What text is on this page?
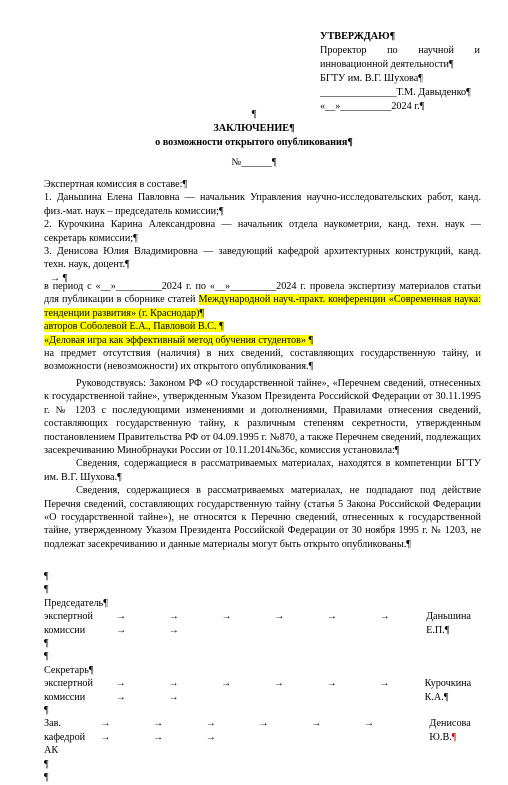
УТВЕРЖДАЮ¶
Проректор по научной и
инновационной деятельности¶
БГТУ им. В.Г. Шухова¶
_______________Т.М. Давыденко¶
«__»__________2024 г.¶
¶
ЗАКЛЮЧЕНИЕ¶
о возможности открытого опубликования¶
№______¶

Экспертная комиссия в составе:¶

1. Даньшина Елена Павловна — начальник Управления научно-исследовательских работ, канд. физ.-мат. наук – председатель комиссии;¶

2. Курочкина Карина Александровна — начальник отдела наукометрии, канд. техн. наук — секретарь комиссии;¶

3. Денисова Юлия Владимировна — заведующий кафедрой архитектурных конструкций, канд. техн. наук, доцент.¶

→ ¶

в период с «__»_________2024 г. по «__»_________2024 г. провела экспертизу материалов статьи для публикации в сборнике статей Международной науч.-практ. конференции «Современная наука: тенденции развития» (г. Краснодар)¶

авторов Соболевой Е.А., Павловой В.С. ¶

«Деловая игра как эффективный метод обучения студентов» ¶

на предмет отсутствия (наличия) в них сведений, составляющих государственную тайну, и возможности (невозможности) их открытого опубликования.¶

Руководствуясь: Законом РФ «О государственной тайне», «Перечнем сведений, отнесенных к государственной тайне», утвержденным Указом Президента Российской Федерации от 30.11.1995 г. № 1203 с последующими изменениями и дополнениями, Правилами отнесения сведений, составляющих государственную тайну, к различным степеням секретности, утвержденным постановлением Правительства РФ от 04.09.1995 г. №870, а также Перечнем сведений, подлежащих засекречиванию Минобрнауки России от 10.11.2014№36с, комиссия установила:¶

Сведения, содержащиеся в рассматриваемых материалах, находятся в компетенции БГТУ им. В.Г. Шухова.¶

Сведения, содержащиеся в рассматриваемых материалах, не подпадают под действие Перечня сведений, составляющих государственную тайну (статья 5 Закона Российской Федерации «О государственной тайне»), не относятся к Перечню сведений, отнесенных к государственной тайне, утвержденному Указом Президента Российской Федерации от 30 ноября 1995 г. № 1203, не подлежат засекречиванию и данные материалы могут быть открыто опубликованы.¶

¶
¶
Председатель¶
экспертной комиссии
→ → → → → → → →
Даньшина Е.П.¶
¶
¶
Секретарь¶
экспертной комиссии
→ → → → → → → →
Курочкина К.А.¶
¶
Зав. кафедрой АК
→ → → → → → → → →
Денисова Ю.В.¶
¶
¶
